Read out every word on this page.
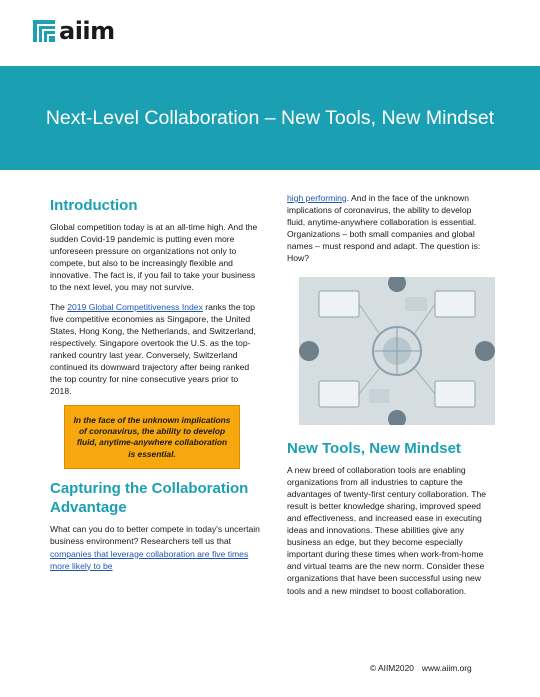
aiim
Next-Level Collaboration – New Tools, New Mindset
Introduction

Global competition today is at an all-time high. And the sudden Covid-19 pandemic is putting even more unforeseen pressure on organizations not only to compete, but also to be increasingly flexible and innovative. The fact is, if you fail to take your business to the next level, you may not survive.

The 2019 Global Competitiveness Index ranks the top five competitive economies as Singapore, the United States, Hong Kong, the Netherlands, and Switzerland, respectively. Singapore overtook the U.S. as the top-ranked country last year. Conversely, Switzerland continued its downward trajectory after being ranked the top country for nine consecutive years prior to 2018.

In the face of the unknown implications of coronavirus, the ability to develop fluid, anytime-anywhere collaboration is essential.
Capturing the Collaboration Advantage

What can you do to better compete in today's uncertain business environment? Researchers tell us that companies that leverage collaboration are five times more likely to be

high performing. And in the face of the unknown implications of coronavirus, the ability to develop fluid, anytime-anywhere collaboration is essential. Organizations – both small companies and global names – must respond and adapt. The question is: How?

New Tools, New Mindset

A new breed of collaboration tools are enabling organizations from all industries to capture the advantages of twenty-first century collaboration. The result is better knowledge sharing, improved speed and effectiveness, and increased ease in executing ideas and innovations. These abilities give any business an edge, but they become especially important during these times when work-from-home and virtual teams are the new norm. Consider these organizations that have been successful using new tools and a new mindset to boost collaboration.

© AIIM2020 www.aiim.org
